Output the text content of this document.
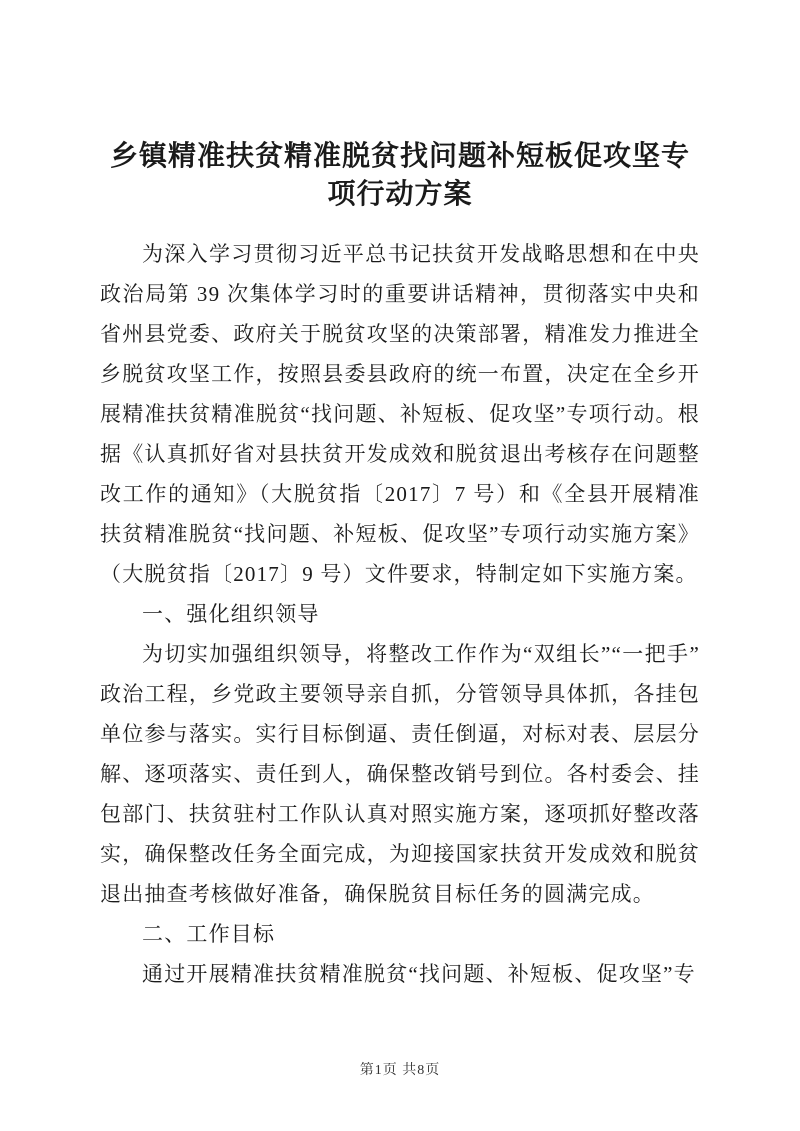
乡镇精准扶贫精准脱贫找问题补短板促攻坚专项行动方案

为深入学习贯彻习近平总书记扶贫开发战略思想和在中央政治局第 39 次集体学习时的重要讲话精神，贯彻落实中央和省州县党委、政府关于脱贫攻坚的决策部署，精准发力推进全乡脱贫攻坚工作，按照县委县政府的统一布置，决定在全乡开展精准扶贫精准脱贫“找问题、补短板、促攻坚”专项行动。根据《认真抓好省对县扶贫开发成效和脱贫退出考核存在问题整改工作的通知》（大脱贫指〔2017〕7 号）和《全县开展精准扶贫精准脱贫“找问题、补短板、促攻坚”专项行动实施方案》（大脱贫指〔2017〕9 号）文件要求，特制定如下实施方案。

一、强化组织领导

为切实加强组织领导，将整改工作作为“双组长”“一把手”政治工程，乡党政主要领导亲自抓，分管领导具体抓，各挂包单位参与落实。实行目标倒逼、责任倒逼，对标对表、层层分解、逐项落实、责任到人，确保整改销号到位。各村委会、挂包部门、扶贫驻村工作队认真对照实施方案，逐项抓好整改落实，确保整改任务全面完成，为迎接国家扶贫开发成效和脱贫退出抽查考核做好准备，确保脱贫目标任务的圆满完成。

二、工作目标

通过开展精准扶贫精准脱贫“找问题、补短板、促攻坚”专

第1页 共8页
